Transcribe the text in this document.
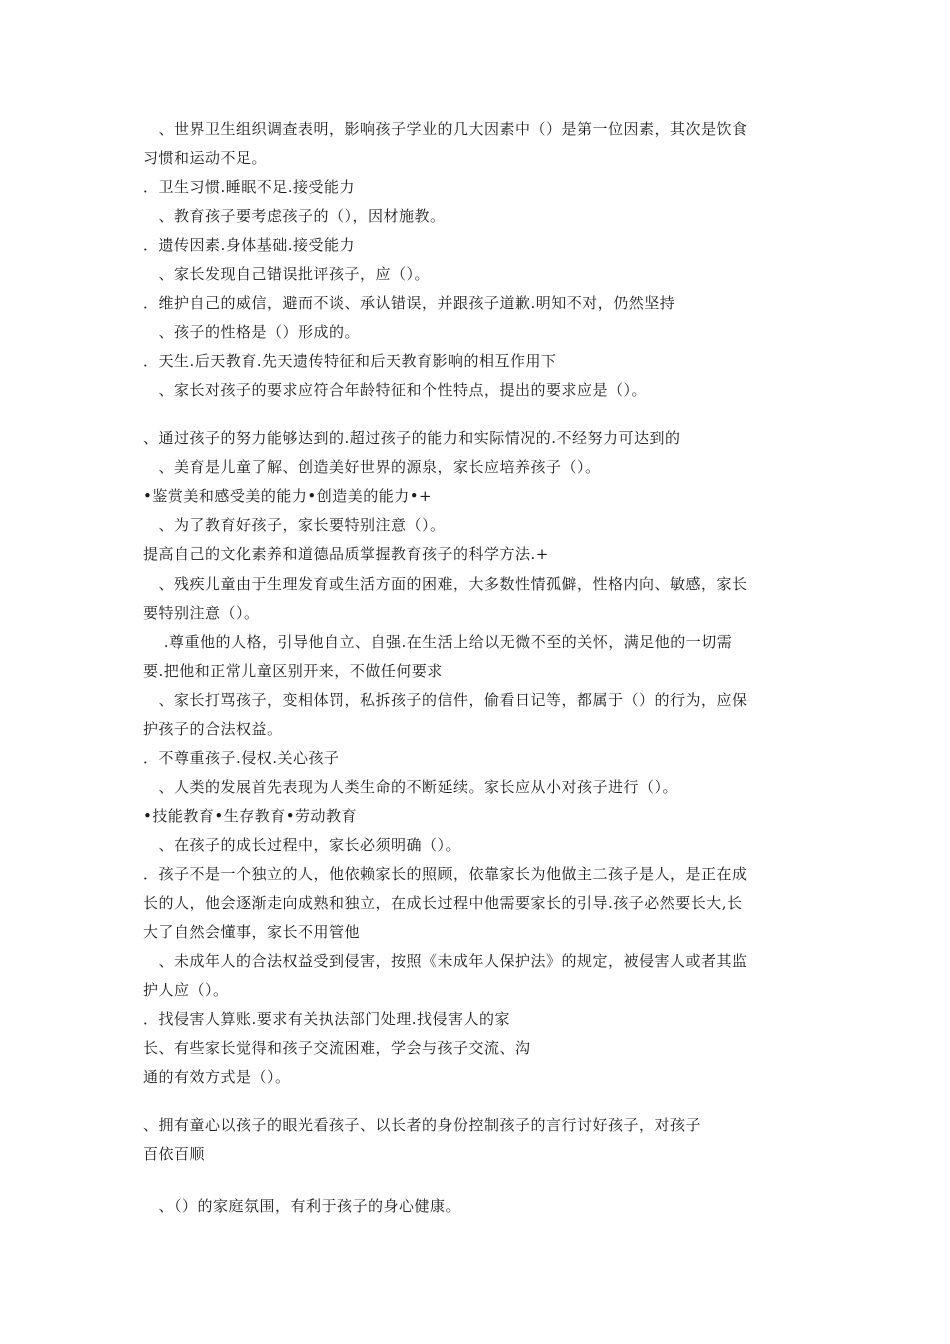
　、世界卫生组织调查表明，影响孩子学业的几大因素中（）是第一位因素，其次是饮食
习惯和运动不足。
．卫生习惯.睡眠不足.接受能力
　、教育孩子要考虑孩子的（），因材施教。
．遗传因素.身体基础.接受能力
　、家长发现自己错误批评孩子，应（）。
．维护自己的威信，避而不谈、承认错误，并跟孩子道歉.明知不对，仍然坚持
　、孩子的性格是（）形成的。
．天生.后天教育.先天遗传特征和后天教育影响的相互作用下
　、家长对孩子的要求应符合年龄特征和个性特点，提出的要求应是（）。
、通过孩子的努力能够达到的.超过孩子的能力和实际情况的.不经努力可达到的
　、美育是儿童了解、创造美好世界的源泉，家长应培养孩子（）。
•鉴赏美和感受美的能力•创造美的能力•+
　、为了教育好孩子，家长要特别注意（）。
提高自己的文化素养和道德品质掌握教育孩子的科学方法.+
　、残疾儿童由于生理发育或生活方面的困难，大多数性情孤僻，性格内向、敏感，家长
要特别注意（）。
　 .尊重他的人格，引导他自立、自强.在生活上给以无微不至的关怀，满足他的一切需
要.把他和正常儿童区别开来，不做任何要求
　、家长打骂孩子，变相体罚，私拆孩子的信件，偷看日记等，都属于（）的行为，应保
护孩子的合法权益。
．不尊重孩子.侵权.关心孩子
　、人类的发展首先表现为人类生命的不断延续。家长应从小对孩子进行（）。
•技能教育•生存教育•劳动教育
　、在孩子的成长过程中，家长必须明确（）。
．孩子不是一个独立的人，他依赖家长的照顾，依靠家长为他做主二孩子是人，是正在成
长的人，他会逐渐走向成熟和独立，在成长过程中他需要家长的引导.孩子必然要长大,长
大了自然会懂事，家长不用管他
　、未成年人的合法权益受到侵害，按照《未成年人保护法》的规定，被侵害人或者其监
护人应（）。
．找侵害人算账.要求有关执法部门处理.找侵害人的家
长、有些家长觉得和孩子交流困难，学会与孩子交流、沟
通的有效方式是（）。
、拥有童心以孩子的眼光看孩子、以长者的身份控制孩子的言行讨好孩子，对孩子
百依百顺
　、（）的家庭氛围，有利于孩子的身心健康。
